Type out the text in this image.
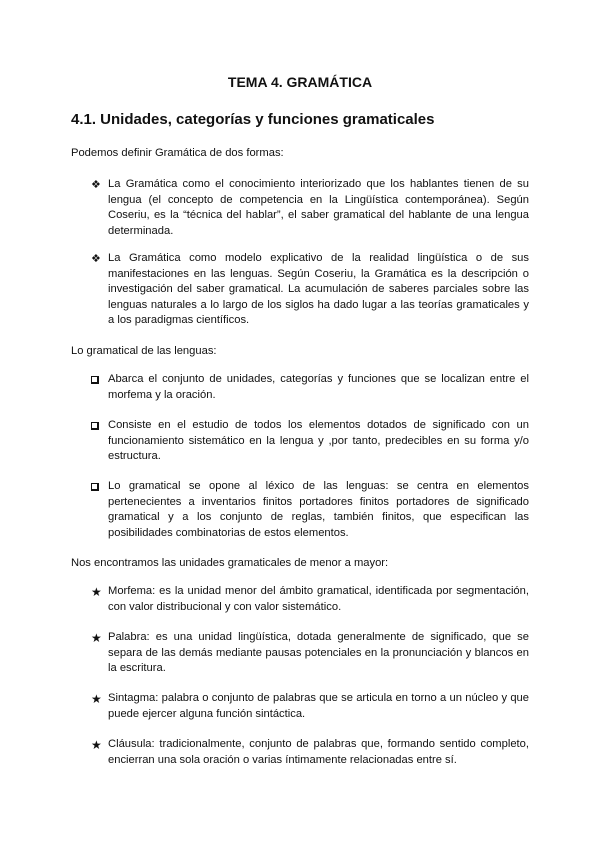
TEMA 4. GRAMÁTICA
4.1. Unidades, categorías y funciones gramaticales
Podemos definir Gramática de dos formas:
❖ La Gramática como el conocimiento interiorizado que los hablantes tienen de su lengua (el concepto de competencia en la Lingüística contemporánea). Según Coseriu, es la “técnica del hablar”, el saber gramatical del hablante de una lengua determinada.
❖ La Gramática como modelo explicativo de la realidad lingüística o de sus manifestaciones en las lenguas. Según Coseriu, la Gramática es la descripción o investigación del saber gramatical. La acumulación de saberes parciales sobre las lenguas naturales a lo largo de los siglos ha dado lugar a las teorías gramaticales y a los paradigmas científicos.
Lo gramatical de las lenguas:
Abarca el conjunto de unidades, categorías y funciones que se localizan entre el morfema y la oración.
Consiste en el estudio de todos los elementos dotados de significado con un funcionamiento sistemático en la lengua y ,por tanto, predecibles en su forma y/o estructura.
Lo gramatical se opone al léxico de las lenguas: se centra en elementos pertenecientes a inventarios finitos portadores finitos portadores de significado gramatical y a los conjunto de reglas, también finitos, que especifican las posibilidades combinatorias de estos elementos.
Nos encontramos las unidades gramaticales de menor a mayor:
★ Morfema: es la unidad menor del ámbito gramatical, identificada por segmentación, con valor distribucional y con valor sistemático.
★ Palabra: es una unidad lingüística, dotada generalmente de significado, que se separa de las demás mediante pausas potenciales en la pronunciación y blancos en la escritura.
★ Sintagma: palabra o conjunto de palabras que se articula en torno a un núcleo y que puede ejercer alguna función sintáctica.
★ Cláusula: tradicionalmente, conjunto de palabras que, formando sentido completo, encierran una sola oración o varias íntimamente relacionadas entre sí.
